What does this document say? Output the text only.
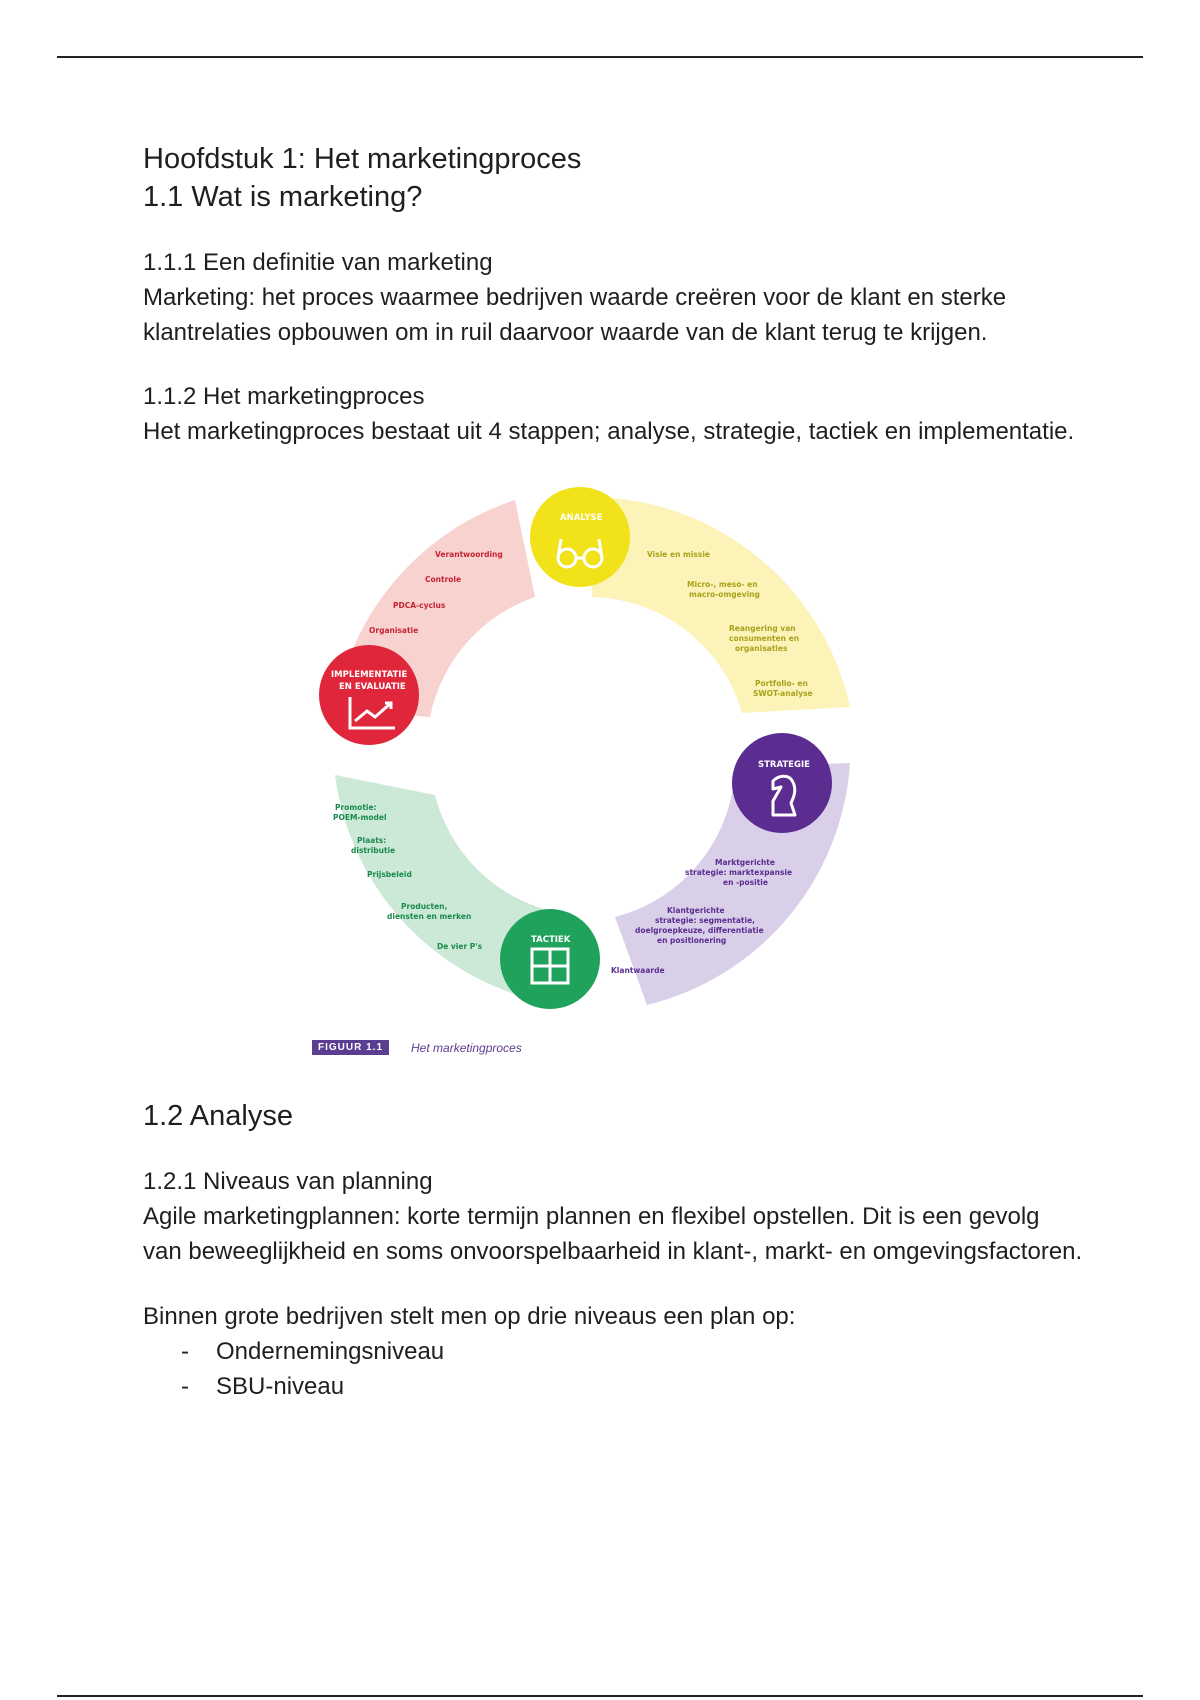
Hoofdstuk 1: Het marketingproces
1.1 Wat is marketing?
1.1.1 Een definitie van marketing

Marketing: het proces waarmee bedrijven waarde creëren voor de klant en sterke klantrelaties opbouwen om in ruil daarvoor waarde van de klant terug te krijgen.

1.1.2 Het marketingproces

Het marketingproces bestaat uit 4 stappen; analyse, strategie, tactiek en implementatie.

Visie en missie
Micro-, meso- en
macro-omgeving
Reangering van
consumenten en
organisaties
Portfolio- en
SWOT-analyse
Marktgerichte
strategie: marktexpansie
en -positie
Klantgerichte
strategie: segmentatie,
doelgroepkeuze, differentiatie
en positionering
Klantwaarde
Promotie:
POEM-model
Plaats:
distributie
Prijsbeleid
Producten,
diensten en merken
De vier P's
Verantwoording
Controle
PDCA-cyclus
Organisatie
ANALYSE
STRATEGIE
TACTIEK
IMPLEMENTATIE
EN EVALUATIE
FIGUUR 1.1	Het marketingproces
1.2 Analyse
1.2.1 Niveaus van planning

Agile marketingplannen: korte termijn plannen en flexibel opstellen. Dit is een gevolg van beweeglijkheid en soms onvoorspelbaarheid in klant-, markt- en omgevingsfactoren.

Binnen grote bedrijven stelt men op drie niveaus een plan op:

-	Ondernemingsniveau
-	SBU-niveau
